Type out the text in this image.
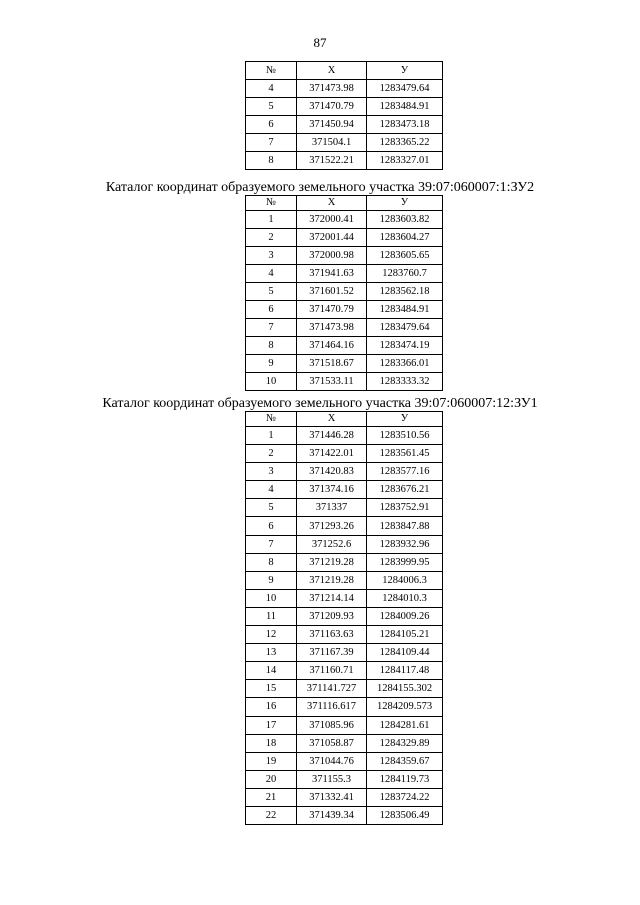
87
№	Х	У
4	371473.98	1283479.64
5	371470.79	1283484.91
6	371450.94	1283473.18
7	371504.1	1283365.22
8	371522.21	1283327.01
Каталог координат образуемого земельного участка 39:07:060007:1:ЗУ2
№	Х	У
1	372000.41	1283603.82
2	372001.44	1283604.27
3	372000.98	1283605.65
4	371941.63	1283760.7
5	371601.52	1283562.18
6	371470.79	1283484.91
7	371473.98	1283479.64
8	371464.16	1283474.19
9	371518.67	1283366.01
10	371533.11	1283333.32
Каталог координат образуемого земельного участка 39:07:060007:12:ЗУ1
№	Х	У
1	371446.28	1283510.56
2	371422.01	1283561.45
3	371420.83	1283577.16
4	371374.16	1283676.21
5	371337	1283752.91
6	371293.26	1283847.88
7	371252.6	1283932.96
8	371219.28	1283999.95
9	371219.28	1284006.3
10	371214.14	1284010.3
11	371209.93	1284009.26
12	371163.63	1284105.21
13	371167.39	1284109.44
14	371160.71	1284117.48
15	371141.727	1284155.302
16	371116.617	1284209.573
17	371085.96	1284281.61
18	371058.87	1284329.89
19	371044.76	1284359.67
20	371155.3	1284119.73
21	371332.41	1283724.22
22	371439.34	1283506.49
